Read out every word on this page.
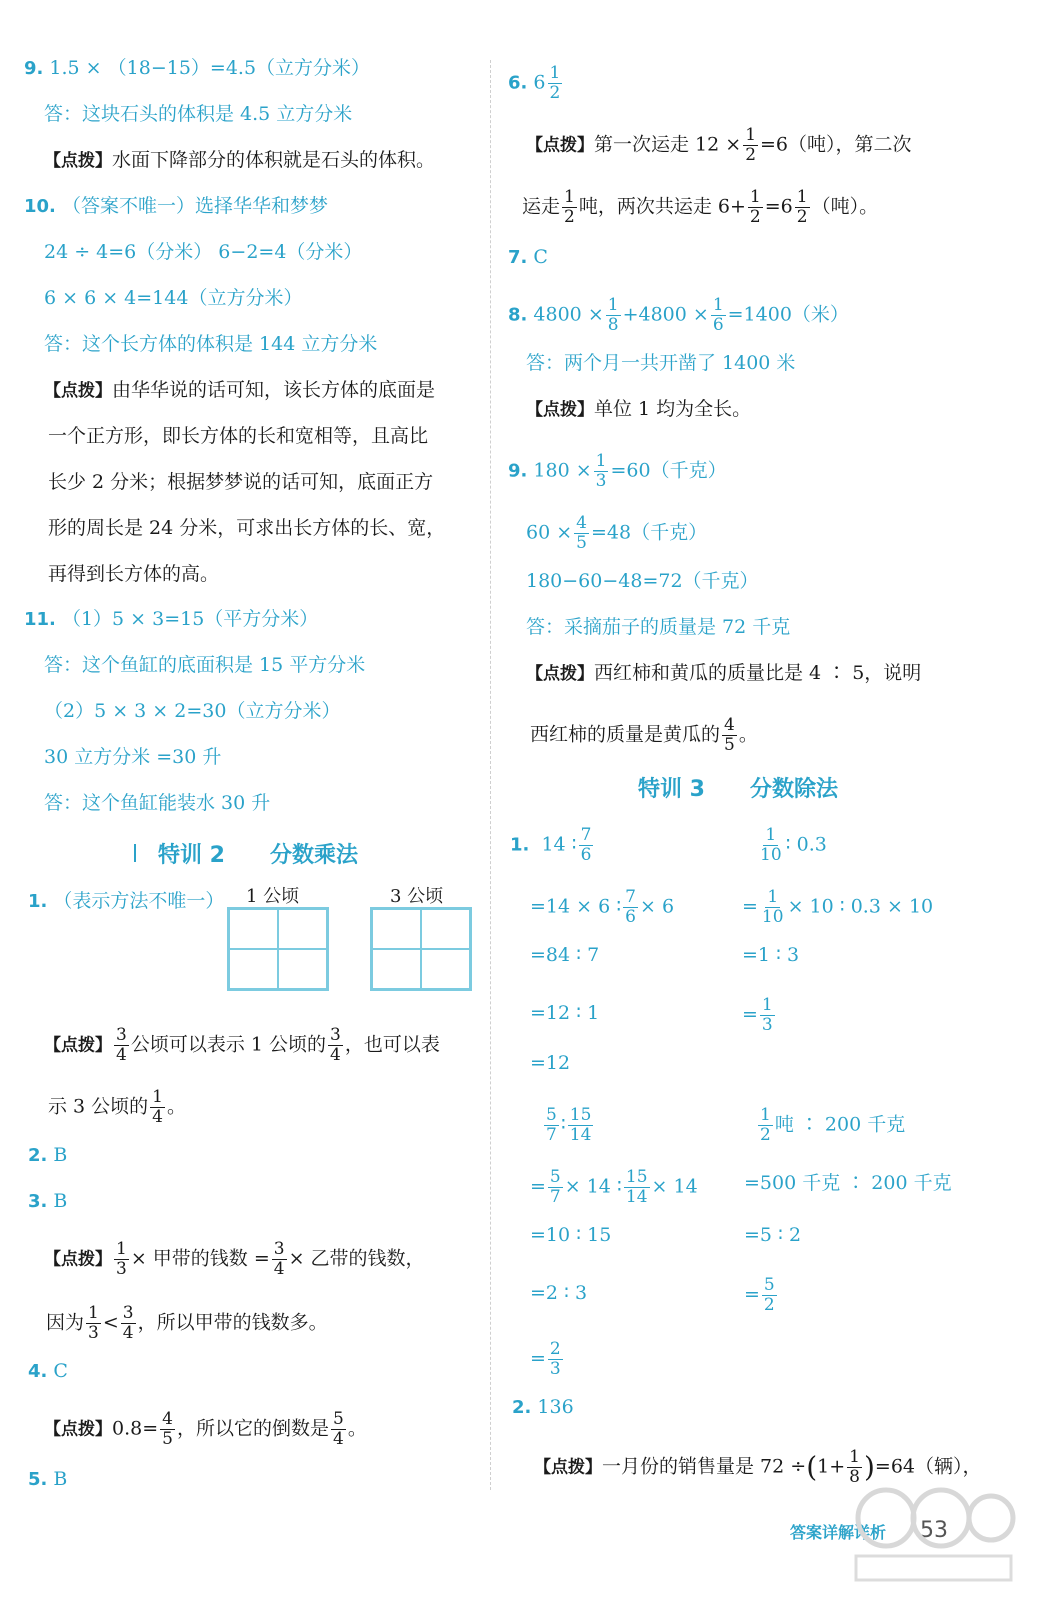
9. 1.5 × （18−15）=4.5（立方分米）
答：这块石头的体积是 4.5 立方分米
【点拨】水面下降部分的体积就是石头的体积。
10. （答案不唯一）选择华华和梦梦
24 ÷ 4=6（分米） 6−2=4（分米）
6 × 6 × 4=144（立方分米）
答：这个长方体的体积是 144 立方分米
【点拨】由华华说的话可知，该长方体的底面是
一个正方形，即长方体的长和宽相等，且高比
长少 2 分米；根据梦梦说的话可知，底面正方
形的周长是 24 分米，可求出长方体的长、宽，
再得到长方体的高。
11. （1）5 × 3=15（平方分米）
答：这个鱼缸的底面积是 15 平方分米
（2）5 × 3 × 2=30（立方分米）
30 立方分米 =30 升
答：这个鱼缸能装水 30 升
特训 2 分数乘法
1. （表示方法不唯一） 1 公顷	3 公顷
【点拨】 $\frac{3}{4}$ 公顷可以表示 1 公顷的 $\frac{3}{4}$ ，也可以表
示 3 公顷的 $\frac{1}{4}$ 。
2. B
3. B
【点拨】 $\frac{1}{3}$ × 甲带的钱数 = $\frac{3}{4}$ × 乙带的钱数，
因为 $\frac{1}{3} < \frac{3}{4}$ ，所以甲带的钱数多。
4. C
【点拨】$0.8= \frac{4}{5}$ ，所以它的倒数是 $\frac{5}{4}$ 。
5. B
6. $6 \frac{1}{2}$
【点拨】第一次运走 $12 \times \frac{1}{2} =6$（吨），第二次
运走 $\frac{1}{2}$ 吨，两次共运走 $6+ \frac{1}{2} =6 \frac{1}{2}$ （吨）。
7. C
8. $4800 \times \frac{1}{8} +4800 \times \frac{1}{6} =1400$（米）
答：两个月一共开凿了 1400 米
【点拨】单位 1 均为全长。
9. $180 \times \frac{1}{3} =60$（千克）
$60 \times \frac{4}{5} =48$（千克）
180−60−48=72（千克）
答：采摘茄子的质量是 72 千克
【点拨】西红柿和黄瓜的质量比是 4 ∶ 5，说明
西红柿的质量是黄瓜的 $\frac{4}{5}$ 。
特训 3 分数除法
1. 14 ∶ $\frac{7}{6}$
=14 × 6 ∶ $\frac{7}{6} \times 6$
=84 ∶ 7
=12 ∶ 1
=12
$\frac{1}{10}$ ∶ 0.3
= $\frac{1}{10} \times 10$ ∶ 0.3 × 10
=1 ∶ 3
= $\frac{1}{3}$
$\frac{5}{7}$ ∶ $\frac{15}{14}$
= $\frac{5}{7} \times 14$ ∶ $\frac{15}{14} \times 14$
=10 ∶ 15
=2 ∶ 3
= $\frac{2}{3}$
$\frac{1}{2}$ 吨 ∶ 200 千克
=500 千克 ∶ 200 千克
=5 ∶ 2
= $\frac{5}{2}$
2. 136
【点拨】一月份的销售量是 $72 \div(1+ \frac{1}{8} )=64$（辆），
答案详解详析 53
